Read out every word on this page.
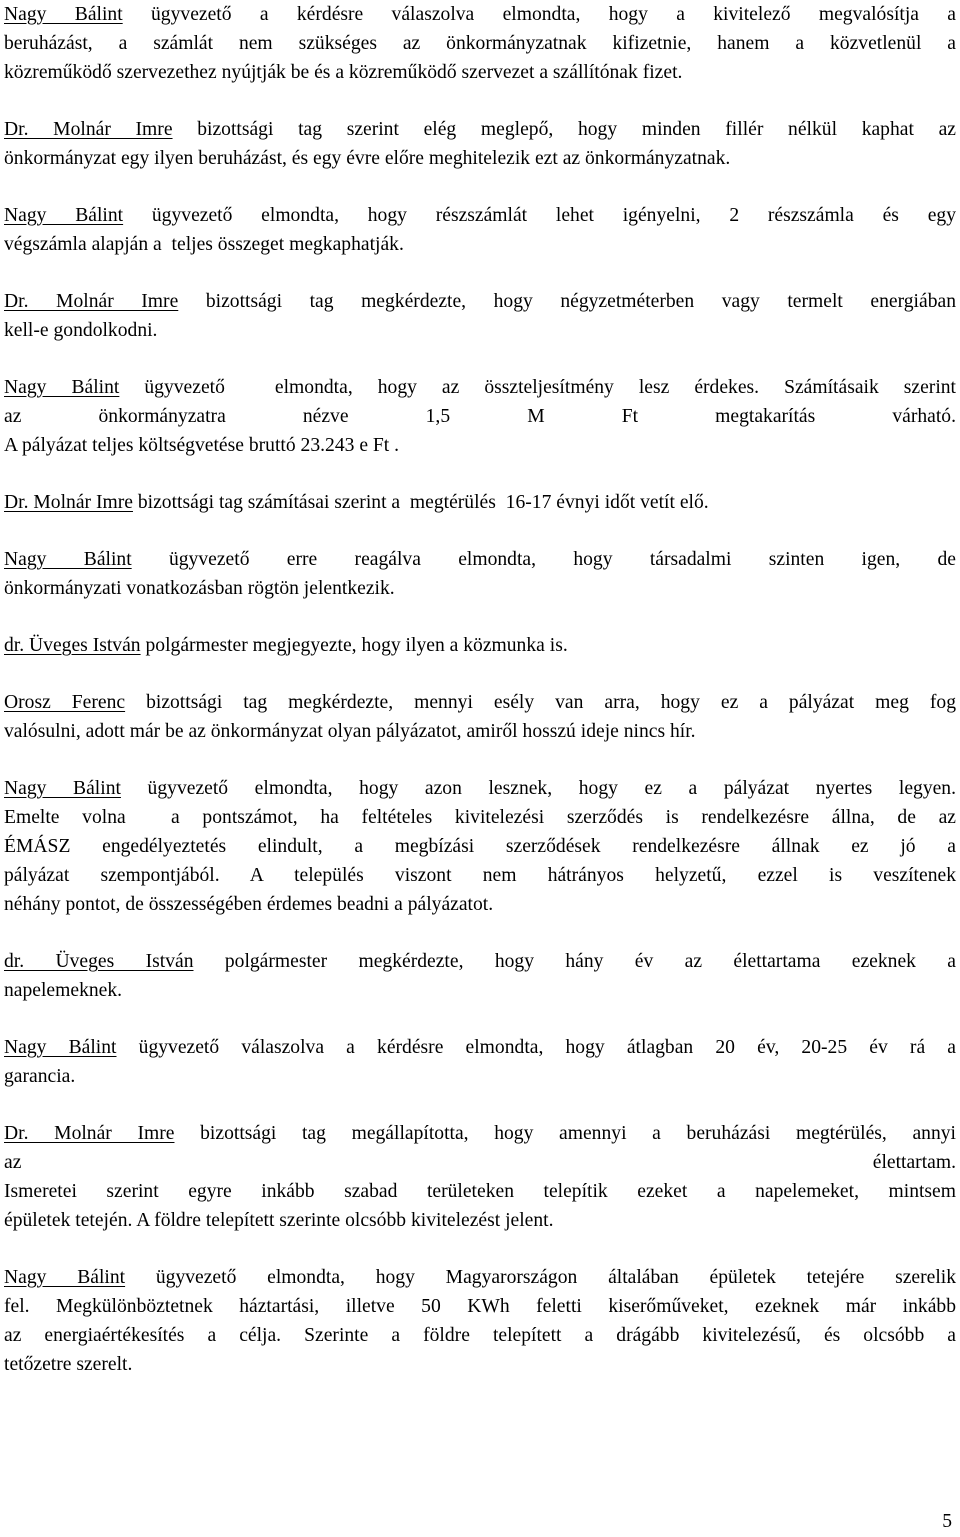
Nagy Bálint ügyvezető a kérdésre válaszolva elmondta, hogy a kivitelező megvalósítja a
beruházást, a számlát nem szükséges az önkormányzatnak kifizetnie, hanem a közvetlenül a
közreműködő szervezethez nyújtják be és a közreműködő szervezet a szállítónak fizet.
Dr. Molnár Imre bizottsági tag szerint elég meglepő, hogy minden fillér nélkül kaphat az
önkormányzat egy ilyen beruházást, és egy évre előre meghitelezik ezt az önkormányzatnak.
Nagy Bálint ügyvezető elmondta, hogy részszámlát lehet igényelni, 2 részszámla és egy
végszámla alapján a  teljes összeget megkaphatják.
Dr. Molnár Imre bizottsági tag megkérdezte, hogy négyzetméterben vagy termelt energiában
kell-e gondolkodni.
Nagy Bálint ügyvezető  elmondta, hogy az összteljesítmény lesz érdekes. Számításaik szerint
az önkormányzatra nézve 1,5 M Ft megtakarítás várható.
A pályázat teljes költségvetése bruttó 23.243 e Ft .
Dr. Molnár Imre bizottsági tag számításai szerint a  megtérülés  16-17 évnyi időt vetít elő.
Nagy Bálint ügyvezető erre reagálva elmondta, hogy társadalmi szinten igen, de
önkormányzati vonatkozásban rögtön jelentkezik.
dr. Üveges István polgármester megjegyezte, hogy ilyen a közmunka is.
Orosz Ferenc bizottsági tag megkérdezte, mennyi esély van arra, hogy ez a pályázat meg fog
valósulni, adott már be az önkormányzat olyan pályázatot, amiről hosszú ideje nincs hír.
Nagy Bálint ügyvezető elmondta, hogy azon lesznek, hogy ez a pályázat nyertes legyen.
Emelte volna  a pontszámot, ha feltételes kivitelezési szerződés is rendelkezésre állna, de az
ÉMÁSZ engedélyeztetés elindult, a megbízási szerződések rendelkezésre állnak ez jó a
pályázat szempontjából. A település viszont nem hátrányos helyzetű, ezzel is veszítenek
néhány pontot, de összességében érdemes beadni a pályázatot.
dr. Üveges István polgármester megkérdezte, hogy hány év az élettartama ezeknek a
napelemeknek.
Nagy Bálint ügyvezető válaszolva a kérdésre elmondta, hogy átlagban 20 év, 20-25 év rá a
garancia.
Dr. Molnár Imre bizottsági tag megállapította, hogy amennyi a beruházási megtérülés, annyi
az élettartam.
Ismeretei szerint egyre inkább szabad területeken telepítik ezeket a napelemeket, mintsem
épületek tetején. A földre telepített szerinte olcsóbb kivitelezést jelent.
Nagy Bálint ügyvezető elmondta, hogy Magyarországon általában épületek tetejére szerelik
fel. Megkülönböztetnek háztartási, illetve 50 KWh feletti kiserőműveket, ezeknek már inkább
az energiaértékesítés a célja. Szerinte a földre telepített a drágább kivitelezésű, és olcsóbb a
tetőzetre szerelt.
5
